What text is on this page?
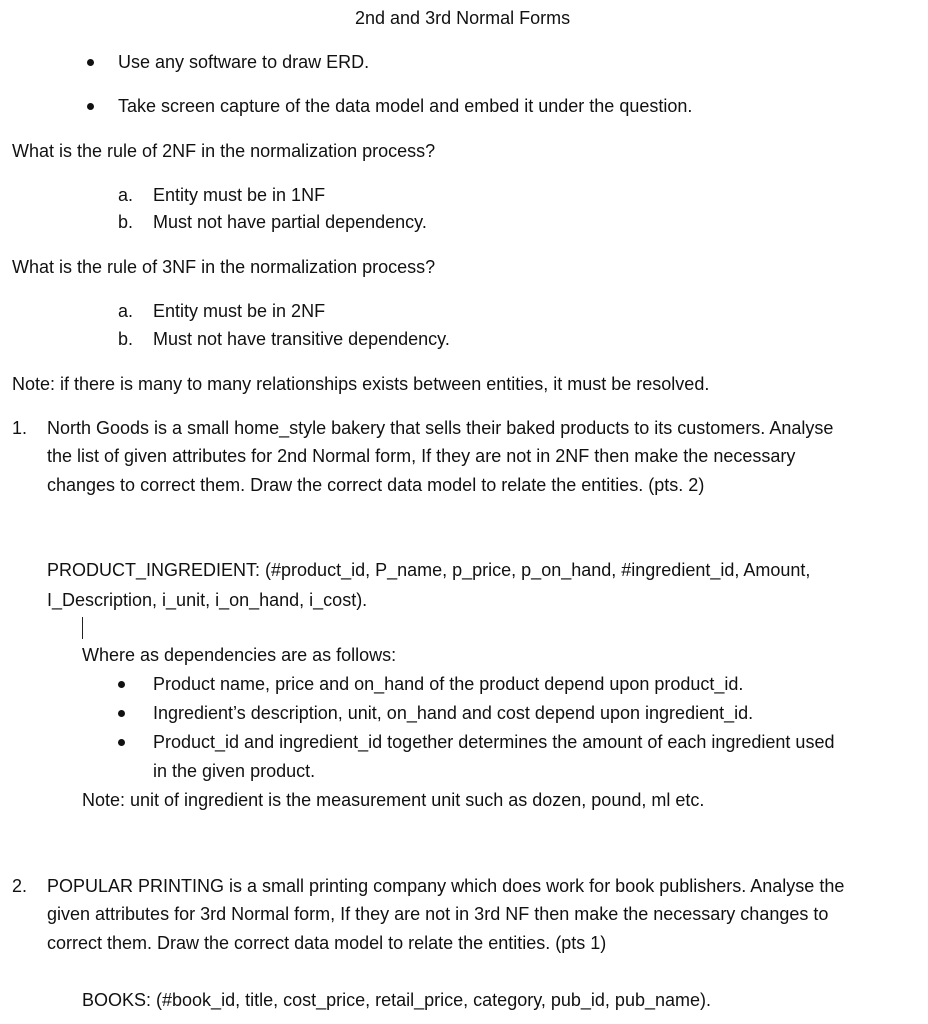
2nd and 3rd Normal Forms
Use any software to draw ERD.
Take screen capture of the data model and embed it under the question.
What is the rule of 2NF in the normalization process?
a. Entity must be in 1NF
b. Must not have partial dependency.
What is the rule of 3NF in the normalization process?
a. Entity must be in 2NF
b. Must not have transitive dependency.
Note: if there is many to many relationships exists between entities, it must be resolved.
1. North Goods is a small home_style bakery that sells their baked products to its customers. Analyse
the list of given attributes for 2nd Normal form, If they are not in 2NF then make the necessary
changes to correct them. Draw the correct data model to relate the entities. (pts. 2)
PRODUCT_INGREDIENT: (#product_id, P_name, p_price, p_on_hand, #ingredient_id, Amount,
I_Description, i_unit, i_on_hand, i_cost).
Where as dependencies are as follows:
Product name, price and on_hand of the product depend upon product_id.
Ingredient’s description, unit, on_hand and cost depend upon ingredient_id.
Product_id and ingredient_id together determines the amount of each ingredient used
in the given product.
Note: unit of ingredient is the measurement unit such as dozen, pound, ml etc.
2. POPULAR PRINTING is a small printing company which does work for book publishers. Analyse the
given attributes for 3rd Normal form, If they are not in 3rd NF then make the necessary changes to
correct them. Draw the correct data model to relate the entities. (pts 1)
BOOKS: (#book_id, title, cost_price, retail_price, category, pub_id, pub_name).
